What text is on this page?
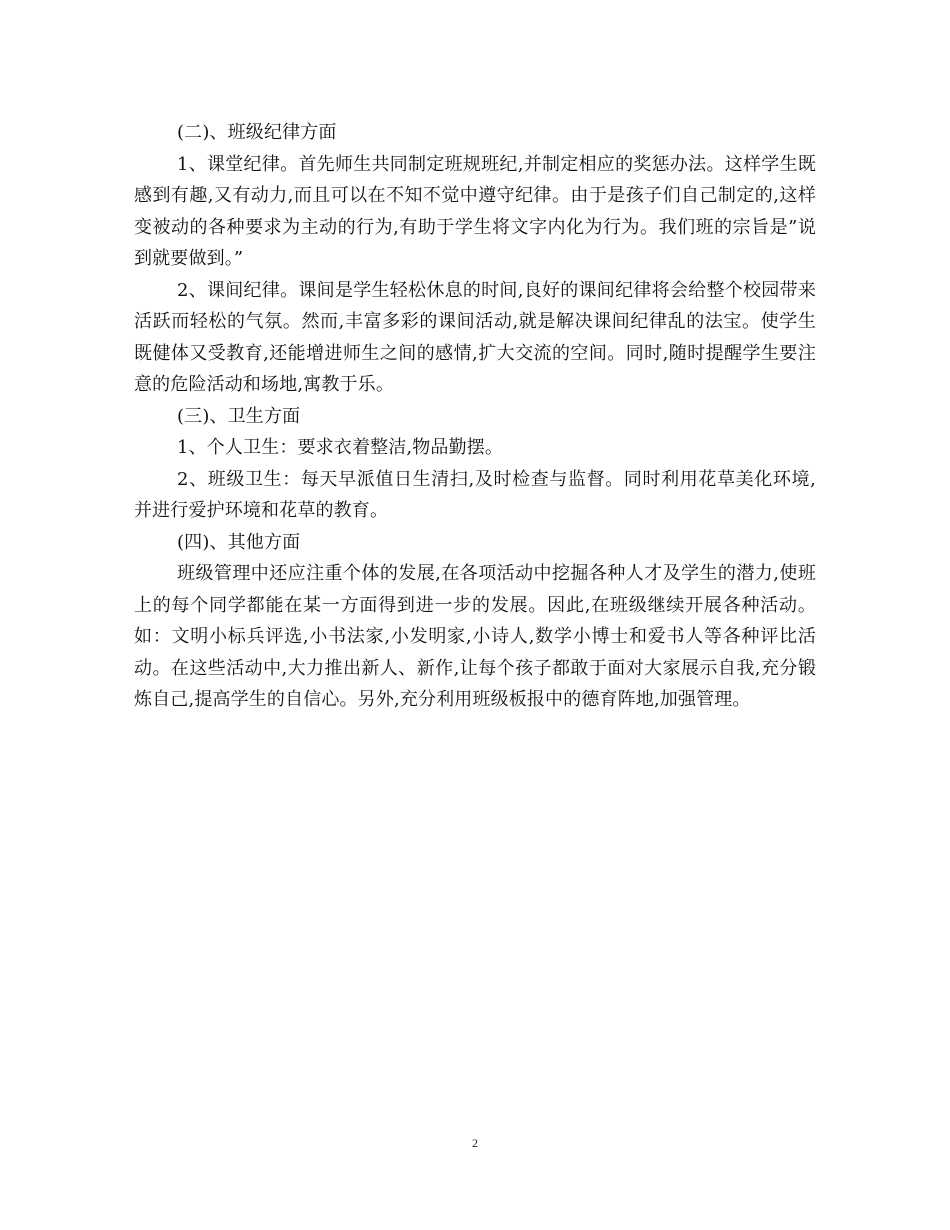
(二)、班级纪律方面

1、课堂纪律。首先师生共同制定班规班纪,并制定相应的奖惩办法。这样学生既感到有趣,又有动力,而且可以在不知不觉中遵守纪律。由于是孩子们自己制定的,这样变被动的各种要求为主动的行为,有助于学生将文字内化为行为。我们班的宗旨是”说到就要做到。”

2、课间纪律。课间是学生轻松休息的时间,良好的课间纪律将会给整个校园带来活跃而轻松的气氛。然而,丰富多彩的课间活动,就是解决课间纪律乱的法宝。使学生既健体又受教育,还能增进师生之间的感情,扩大交流的空间。同时,随时提醒学生要注意的危险活动和场地,寓教于乐。

(三)、卫生方面

1、个人卫生：要求衣着整洁,物品勤摆。

2、班级卫生：每天早派值日生清扫,及时检查与监督。同时利用花草美化环境,并进行爱护环境和花草的教育。

(四)、其他方面

班级管理中还应注重个体的发展,在各项活动中挖掘各种人才及学生的潜力,使班上的每个同学都能在某一方面得到进一步的发展。因此,在班级继续开展各种活动。如：文明小标兵评选,小书法家,小发明家,小诗人,数学小博士和爱书人等各种评比活动。在这些活动中,大力推出新人、新作,让每个孩子都敢于面对大家展示自我,充分锻炼自己,提高学生的自信心。另外,充分利用班级板报中的德育阵地,加强管理。

2
